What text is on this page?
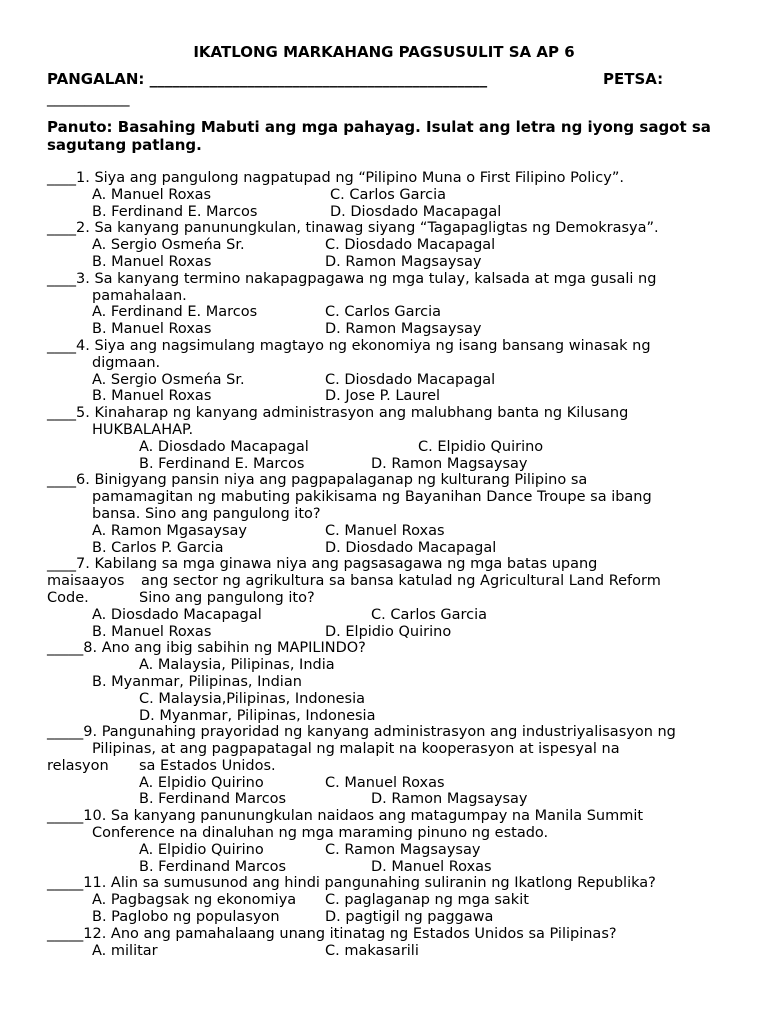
IKATLONG MARKAHANG PAGSUSULIT SA AP 6
PANGALAN: _____________________________________________	PETSA:
___________
Panuto: Basahing Mabuti ang mga pahayag. Isulat ang letra ng iyong sagot sa sagutang patlang.
____1. Siya ang pangulong nagpatupad ng “Pilipino Muna o First Filipino Policy”.
A. Manuel Roxas	C. Carlos Garcia
B. Ferdinand E. Marcos	D. Diosdado Macapagal
____2. Sa kanyang panunungkulan, tinawag siyang “Tagapagligtas ng Demokrasya”.
A. Sergio Osmeńa Sr.	C. Diosdado Macapagal
B. Manuel Roxas	D. Ramon Magsaysay
____3. Sa kanyang termino nakapagpagawa ng mga tulay, kalsada at mga gusali ng
pamahalaan.
A. Ferdinand E. Marcos	C. Carlos Garcia
B. Manuel Roxas	D. Ramon Magsaysay
____4. Siya ang nagsimulang magtayo ng ekonomiya ng isang bansang winasak ng
digmaan.
A. Sergio Osmeńa Sr.	C. Diosdado Macapagal
B. Manuel Roxas	D. Jose P. Laurel
____5. Kinaharap ng kanyang administrasyon ang malubhang banta ng Kilusang
HUKBALAHAP.
A. Diosdado Macapagal	C. Elpidio Quirino
B. Ferdinand E. Marcos	D. Ramon Magsaysay
____6. Binigyang pansin niya ang pagpapalaganap ng kulturang Pilipino sa
pamamagitan ng mabuting pakikisama ng Bayanihan Dance Troupe sa ibang
bansa. Sino ang pangulong ito?
A. Ramon Mgasaysay	C. Manuel Roxas
B. Carlos P. Garcia	D. Diosdado Macapagal
____7. Kabilang sa mga ginawa niya ang pagsasagawa ng mga batas upang
maisaayos ang sector ng agrikultura sa bansa katulad ng Agricultural Land Reform
Code.	Sino ang pangulong ito?
A. Diosdado Macapagal	C. Carlos Garcia
B. Manuel Roxas	D. Elpidio Quirino
_____8. Ano ang ibig sabihin ng MAPILINDO?
A. Malaysia, Pilipinas, India
B. Myanmar, Pilipinas, Indian
C. Malaysia,Pilipinas, Indonesia
D. Myanmar, Pilipinas, Indonesia
_____9. Pangunahing prayoridad ng kanyang administrasyon ang industriyalisasyon ng
Pilipinas, at ang pagpapatagal ng malapit na kooperasyon at ispesyal na
relasyon sa Estados Unidos.
A. Elpidio Quirino	C. Manuel Roxas
B. Ferdinand Marcos	D. Ramon Magsaysay
_____10. Sa kanyang panunungkulan naidaos ang matagumpay na Manila Summit
Conference na dinaluhan ng mga maraming pinuno ng estado.
A. Elpidio Quirino	C. Ramon Magsaysay
B. Ferdinand Marcos	D. Manuel Roxas
_____11. Alin sa sumusunod ang hindi pangunahing suliranin ng Ikatlong Republika?
A. Pagbagsak ng ekonomiya C. paglaganap ng mga sakit
B. Paglobo ng populasyon	D. pagtigil ng paggawa
_____12. Ano ang pamahalaang unang itinatag ng Estados Unidos sa Pilipinas?
A. militar	C. makasarili
